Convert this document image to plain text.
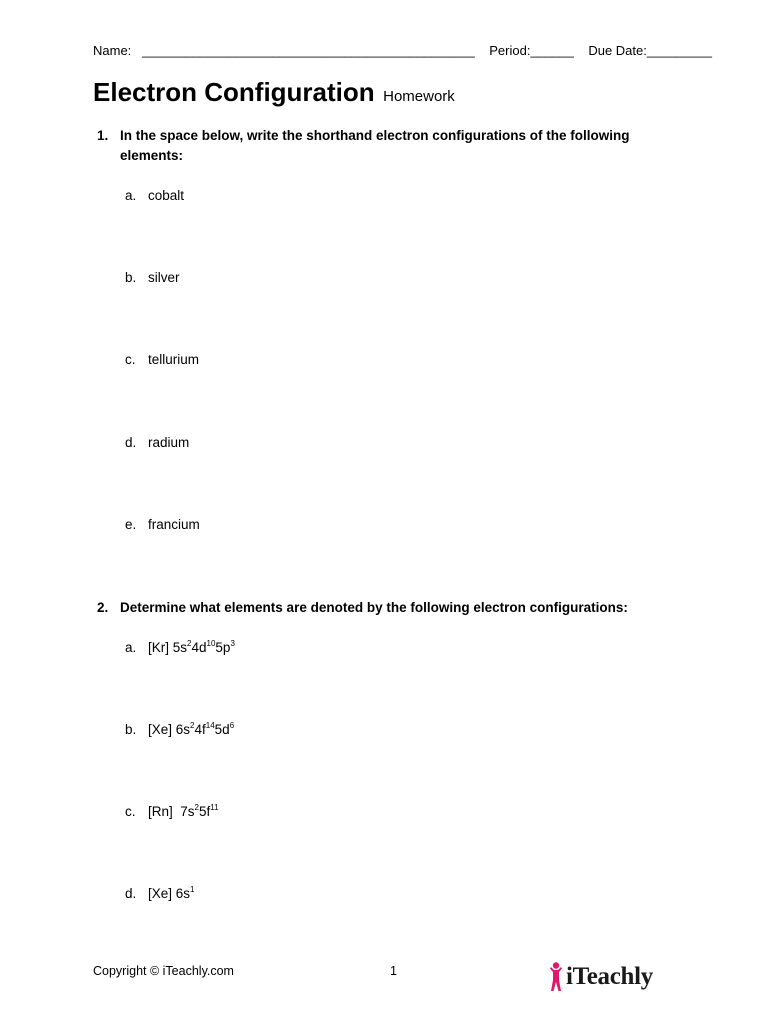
Name: ______________________________________________ Period:______ Due Date:_________
Electron Configuration Homework
1. In the space below, write the shorthand electron configurations of the following elements:
a. cobalt
b. silver
c. tellurium
d. radium
e. francium
2. Determine what elements are denoted by the following electron configurations:
a. [Kr] $5s^24d^{10}5p^3$
b. [Xe] $6s^24f^{14}5d^6$
c. [Rn]  $7s^25f^{11}$
d. [Xe] $6s^1$
Copyright © iTeachly.com	1	iTeachly
